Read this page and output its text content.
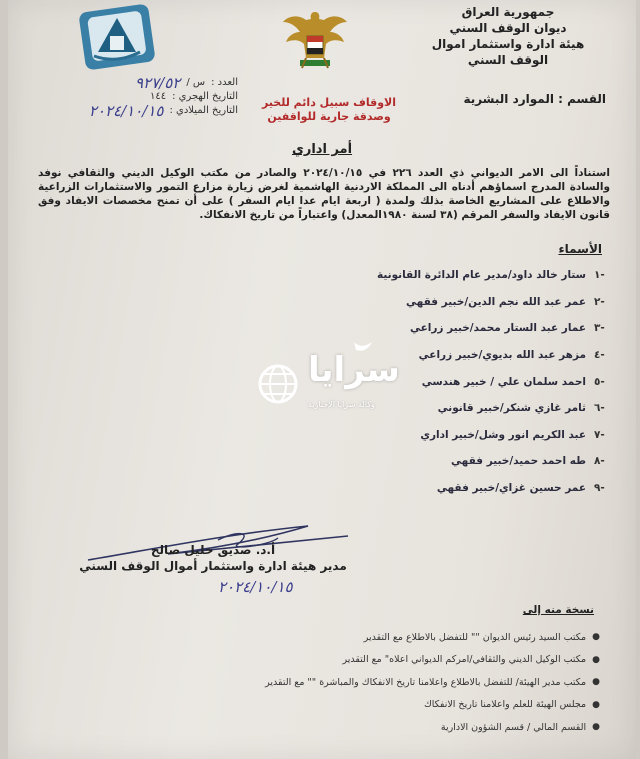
جمهورية العراق
ديوان الوقف السني
هيئة ادارة واستثمار اموال
الوقف السني
العدد :
س /
٩٢٧/٥٢
التاريخ الهجري :
١٤٤
التاريخ الميلادي :
٢٠٢٤/١٠/١٥	الاوقاف سبيل دائم للخير
وصدقة جارية للواقفين
القسم : الموارد البشرية
أمر اداري
استناداً الى الامر الديواني ذي العدد ٢٢٦ في ٢٠٢٤/١٠/١٥ والصادر من مكتب الوكيل الديني والثقافي نوفد والسادة المدرج اسماؤهم أدناه الى المملكة الاردنية الهاشمية لغرض زيارة مزارع التمور والاستثمارات الزراعية والاطلاع على المشاريع الخاصة بذلك ولمدة ( اربعة ايام عدا ايام السفر ) على أن تمنح مخصصات الايفاد وفق قانون الايفاد والسفر المرقم (٣٨ لسنة ١٩٨٠المعدل) واعتباراً من تاريخ الانفكاك.
الأسماء
-١
ستار خالد داود/مدير عام الدائرة القانونية
-٢
عمر عبد الله نجم الدين/خبير فقهي
-٣
عمار عبد الستار محمد/خبير زراعي
-٤
مزهر عبد الله بديوي/خبير زراعي
-٥
احمد سلمان علي / خبير هندسي
-٦
ثامر غازي شنكر/خبير قانوني
-٧
عبد الكريم انور وشل/خبير اداري
-٨
طه احمد حميد/خبير فقهي
-٩
عمر حسين غزاي/خبير فقهي
سرايا
وكالة سرايا الإخبارية
أ.د. صديق خليل صالح
مدير هيئة ادارة واستثمار أموال الوقف السني
٢٠٢٤/١٠/١٥
نسخة منه إلى
●
مكتب السيد رئيس الديوان "" للتفضل بالاطلاع مع التقدير
●
مكتب الوكيل الديني والثقافي/امركم الديواني اعلاه" مع التقدير
●
مكتب مدير الهيئة/ للتفضل بالاطلاع واعلامنا تاريخ الانفكاك والمباشرة "" مع التقدير
●
مجلس الهيئة للعلم واعلامنا تاريخ الانفكاك
●
القسم المالي / قسم الشؤون الادارية
